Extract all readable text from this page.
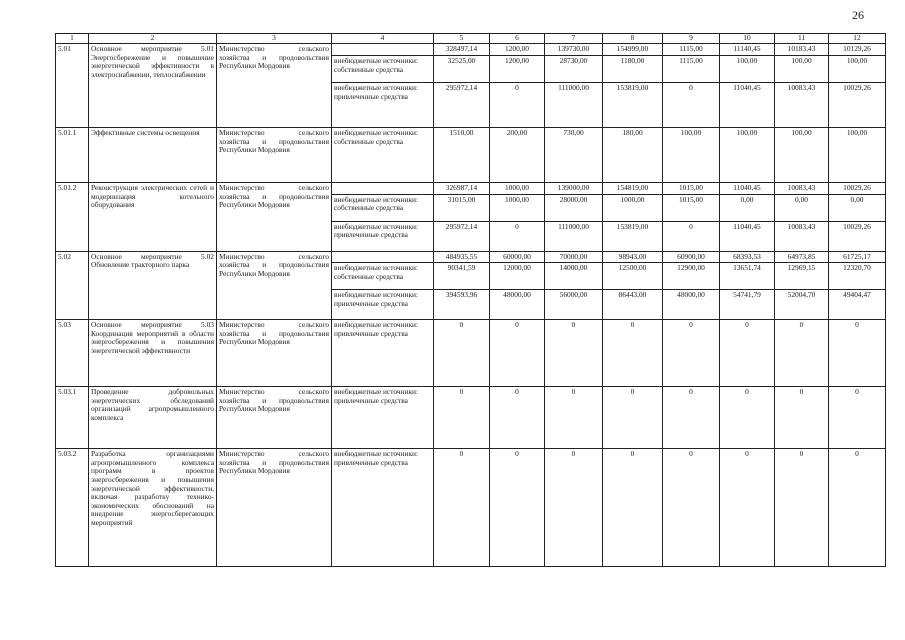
26
1	2	3	4	5	6	7	8	9	10	11	12
5.01	Основное мероприятие 5.01 Энергосбережение и повышение энергетической эффективности в электроснабжении, теплоснабжении	Министерство сельского хозяйства и продовольствия Республики Мордовия		328497,14	1200,00	139730,00	154999,00	1115,00	11140,45	10183,43	10129,26
			внебюджетные источники: собственные средства	32525,00	1200,00	28730,00	1180,00	1115,00	100,00	100,00	100,00
			внебюджетные источники: привлеченные средства	295972,14	0	111000,00	153819,00	0	11040,45	10083,43	10029,26
5.01.1	Эффективные системы освещения	Министерство сельского хозяйства и продовольствия Республики Мордовия	внебюджетные источники: собственные средства	1510,00	200,00	730,00	180,00	100,00	100,00	100,00	100,00
5.01.2	Реконструкция электрических сетей и модернизация котельного оборудования	Министерство сельского хозяйства и продовольствия Республики Мордовия		326987,14	1000,00	139000,00	154819,00	1015,00	11040,45	10083,43	10029,26
			внебюджетные источники: собственные средства	31015,00	1000,00	28000,00	1000,00	1015,00	0,00	0,00	0,00
			внебюджетные источники: привлеченные средства	295972,14	0	111000,00	153819,00	0	11040,45	10083,43	10029,26
5.02	Основное мероприятие 5.02 Обновление тракторного парка	Министерство сельского хозяйства и продовольствия Республики Мордовия		484935,55	60000,00	70000,00	98943,00	60900,00	68393,53	64973,85	61725,17
			внебюджетные источники: собственные средства	90341,59	12000,00	14000,00	12500,00	12900,00	13651,74	12969,15	12320,70
			внебюджетные источники: привлеченные средства	394593,96	48000,00	56000,00	86443,00	48000,00	54741,79	52004,70	49404,47
5.03	Основное мероприятие 5.03 Координация мероприятий в области энергосбережения и повышения энергетической эффективности	Министерство сельского хозяйства и продовольствия Республики Мордовия	внебюджетные источники: привлеченные средства	0	0	0	0	0	0	0	0
5.03.1	Проведение добровольных энергетических обследований организаций агропромышленного комплекса	Министерство сельского хозяйства и продовольствия Республики Мордовия	внебюджетные источники: привлеченные средства	0	0	0	0	0	0	0	0
5.03.2	Разработка организациями агропромышленного комплекса программ в проектов энергосбережения и повышения энергетической эффективности, включая разработку технико-экономических обоснований на внедрение энергосберегающих мероприятий	Министерство сельского хозяйства и продовольствия Республики Мордовия	внебюджетные источники: привлеченные средства	0	0	0	0	0	0	0	0
